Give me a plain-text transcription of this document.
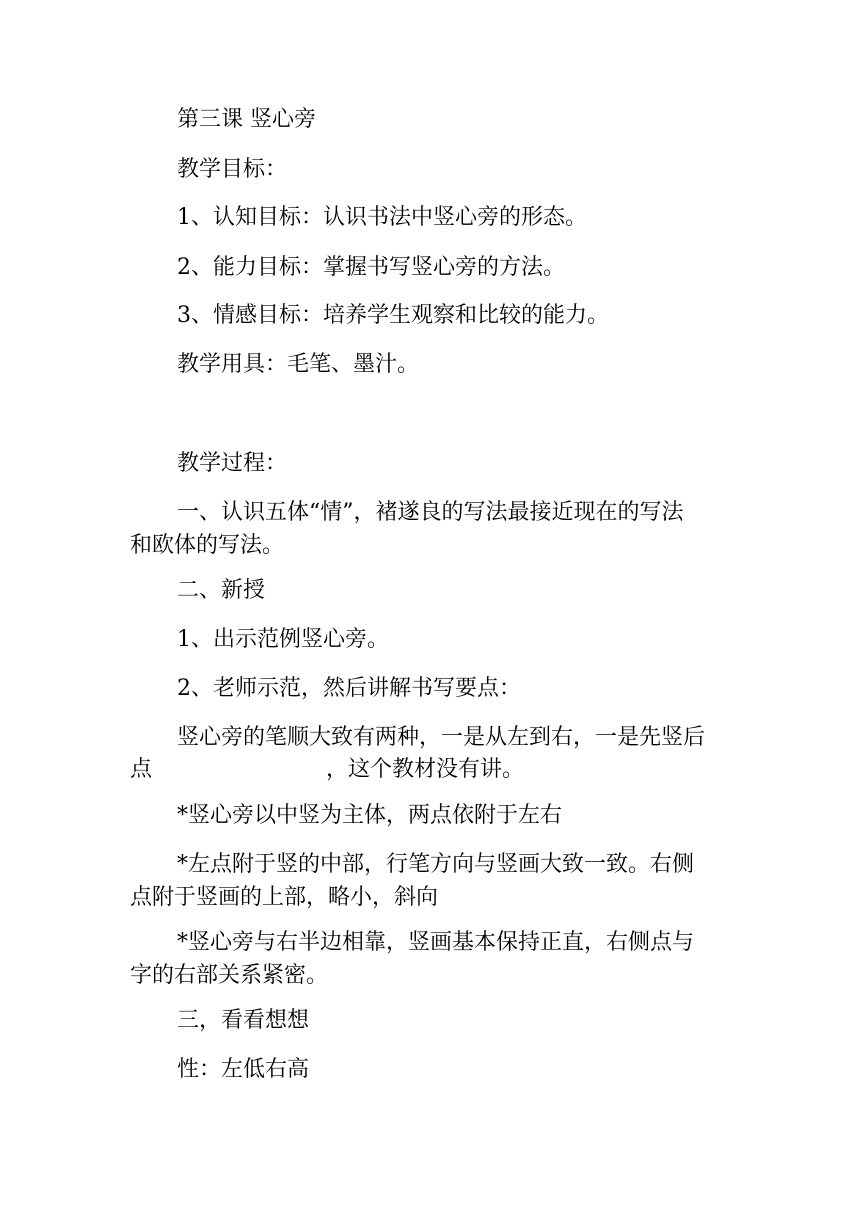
第三课 竖心旁

教学目标：

1、认知目标：认识书法中竖心旁的形态。

2、能力目标：掌握书写竖心旁的方法。

3、情感目标：培养学生观察和比较的能力。

教学用具：毛笔、墨汁。

教学过程：

一、认识五体“情”，褚遂良的写法最接近现在的写法

和欧体的写法。

二、新授

1、出示范例竖心旁。

2、老师示范，然后讲解书写要点：

竖心旁的笔顺大致有两种，一是从左到右，一是先竖后

点	，这个教材没有讲。

*竖心旁以中竖为主体，两点依附于左右

*左点附于竖的中部，行笔方向与竖画大致一致。右侧

点附于竖画的上部，略小，斜向

*竖心旁与右半边相靠，竖画基本保持正直，右侧点与

字的右部关系紧密。

三，看看想想

性：左低右高
